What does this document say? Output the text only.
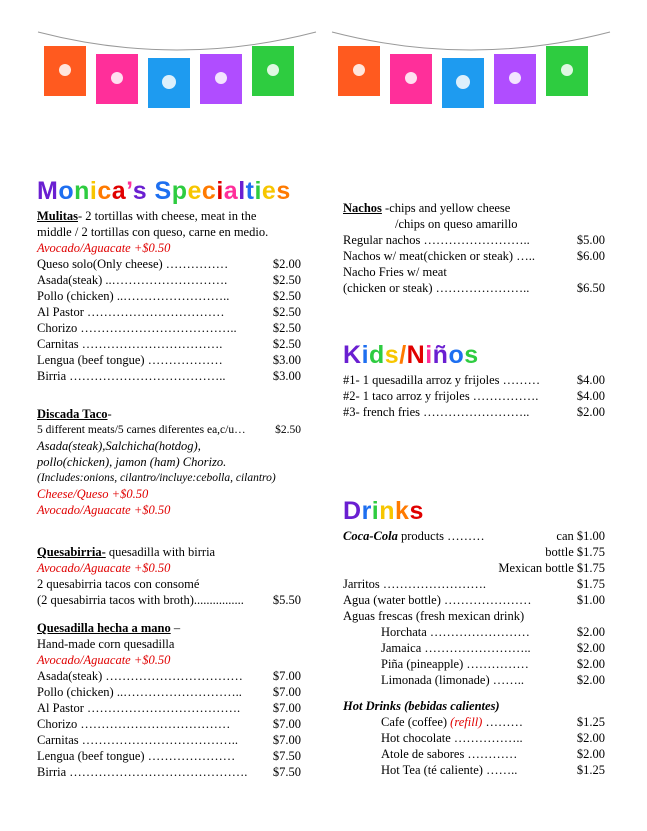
Monica’s Specialties
Mulitas- 2 tortillas with cheese, meat in the
middle / 2 tortillas con queso, carne en medio.
Avocado/Aguacate +$0.50
Queso solo(Only cheese) ……………	$2.00
Asada(steak) ..……………………….	$2.50
Pollo (chicken) ..……………………..	$2.50
Al Pastor ……………………………	$2.50
Chorizo ………………………………..	$2.50
Carnitas …………………………….	$2.50
Lengua (beef tongue) ………………	$3.00
Birria ………………………………..	$3.00
Discada Taco-
5 different meats/5 carnes diferentes ea,c/u…	$2.50
Asada(steak),Salchicha(hotdog),
pollo(chicken), jamon (ham) Chorizo.
(Includes:onions, cilantro/incluye:cebolla, cilantro)
Cheese/Queso +$0.50
Avocado/Aguacate +$0.50
Quesabirria- quesadilla with birria
Avocado/Aguacate +$0.50
2 quesabirria tacos con consomé
(2 quesabirria tacos with broth)................ $5.50
Quesadilla hecha a mano –
Hand-made corn quesadilla
Avocado/Aguacate +$0.50
Asada(steak) …………………………… $7.00
Pollo (chicken) ..……………………….. $7.00
Al Pastor ……………………………….	$7.00
Chorizo ………………………………	$7.00
Carnitas ………………………………..	$7.00
Lengua (beef tongue) …………………	$7.50
Birria ……………………………………. $7.50
Nachos -chips and yellow cheese
/chips on queso amarillo
Regular nachos ……………………..	$5.00
Nachos w/ meat(chicken or steak) …..	$6.00
Nacho Fries w/ meat
(chicken or steak) …………………..	$6.50
Kids/Niños
#1- 1 quesadilla arroz y frijoles ………	$4.00
#2- 1 taco arroz y frijoles …………….	$4.00
#3- french fries ……………………..	$2.00
Drinks
Coca-Cola products ………	can $1.00
bottle $1.75
Mexican bottle $1.75
Jarritos …………………….	$1.75
Agua (water bottle) …………………	$1.00
Aguas frescas (fresh mexican drink)
Horchata ……………………	$2.00
Jamaica ……………………..	$2.00
Piña (pineapple) ……………	$2.00
Limonada (limonade) ……..	$2.00
Hot Drinks (bebidas calientes)
Cafe (coffee) (refill) ………	$1.25
Hot chocolate ……………..	$2.00
Atole de sabores …………	$2.00
Hot Tea (té caliente) ……..	$1.25
